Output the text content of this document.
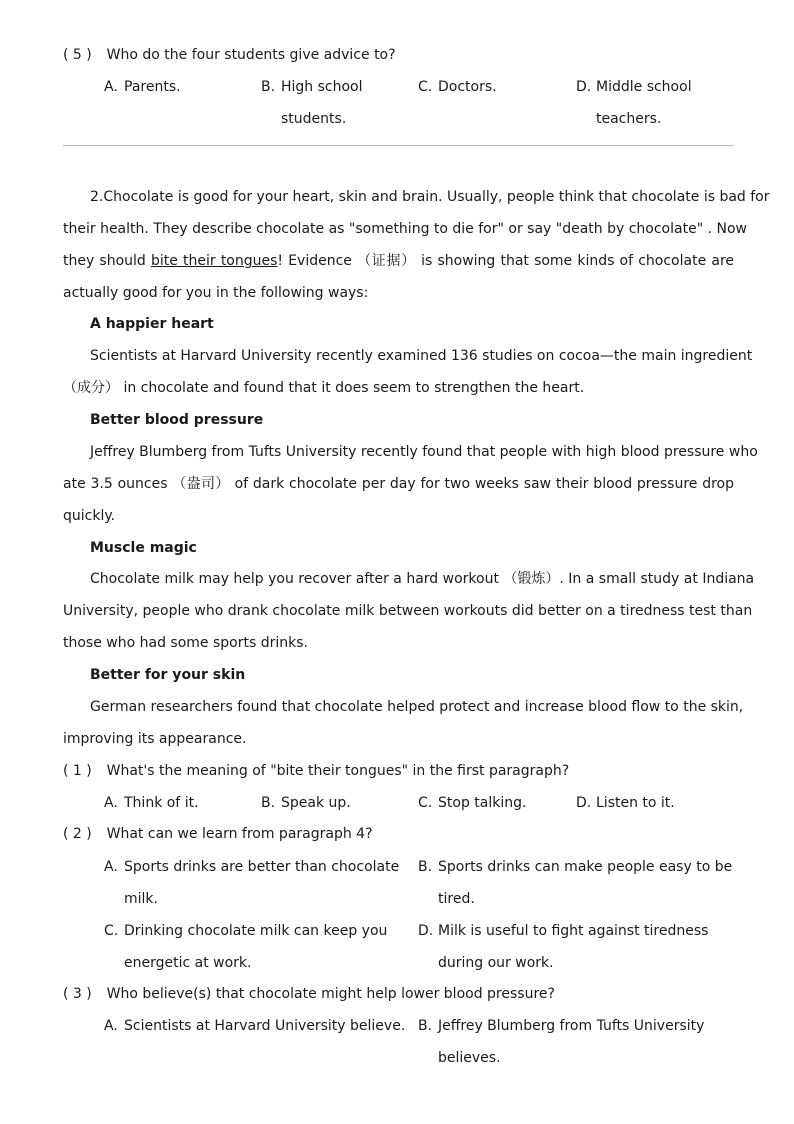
( 5 ) Who do the four students give advice to?
A. Parents.	B. High school
students.
C. Doctors.	D. Middle school
teachers.
2.Chocolate is good for your heart, skin and brain. Usually, people think that chocolate is bad for
their health. They describe chocolate as "something to die for" or say "death by chocolate" . Now
they should bite their tongues! Evidence （证据） is showing that some kinds of chocolate are
actually good for you in the following ways:
A happier heart
Scientists at Harvard University recently examined 136 studies on cocoa—the main ingredient
（成分） in chocolate and found that it does seem to strengthen the heart.
Better blood pressure
Jeffrey Blumberg from Tufts University recently found that people with high blood pressure who
ate 3.5 ounces （盎司） of dark chocolate per day for two weeks saw their blood pressure drop
quickly.
Muscle magic
Chocolate milk may help you recover after a hard workout （锻炼）. In a small study at Indiana
University, people who drank chocolate milk between workouts did better on a tiredness test than
those who had some sports drinks.
Better for your skin
German researchers found that chocolate helped protect and increase blood flow to the skin,
improving its appearance.
( 1 ) What's the meaning of "bite their tongues" in the first paragraph?
A. Think of it.	B. Speak up.	C. Stop talking.	D. Listen to it.
( 2 ) What can we learn from paragraph 4?
A. Sports drinks are better than chocolate
milk.
B. Sports drinks can make people easy to be
tired.
C. Drinking chocolate milk can keep you
energetic at work.
D. Milk is useful to fight against tiredness
during our work.
( 3 ) Who believe(s) that chocolate might help lower blood pressure?
A. Scientists at Harvard University believe. B. Jeffrey Blumberg from Tufts University
believes.
